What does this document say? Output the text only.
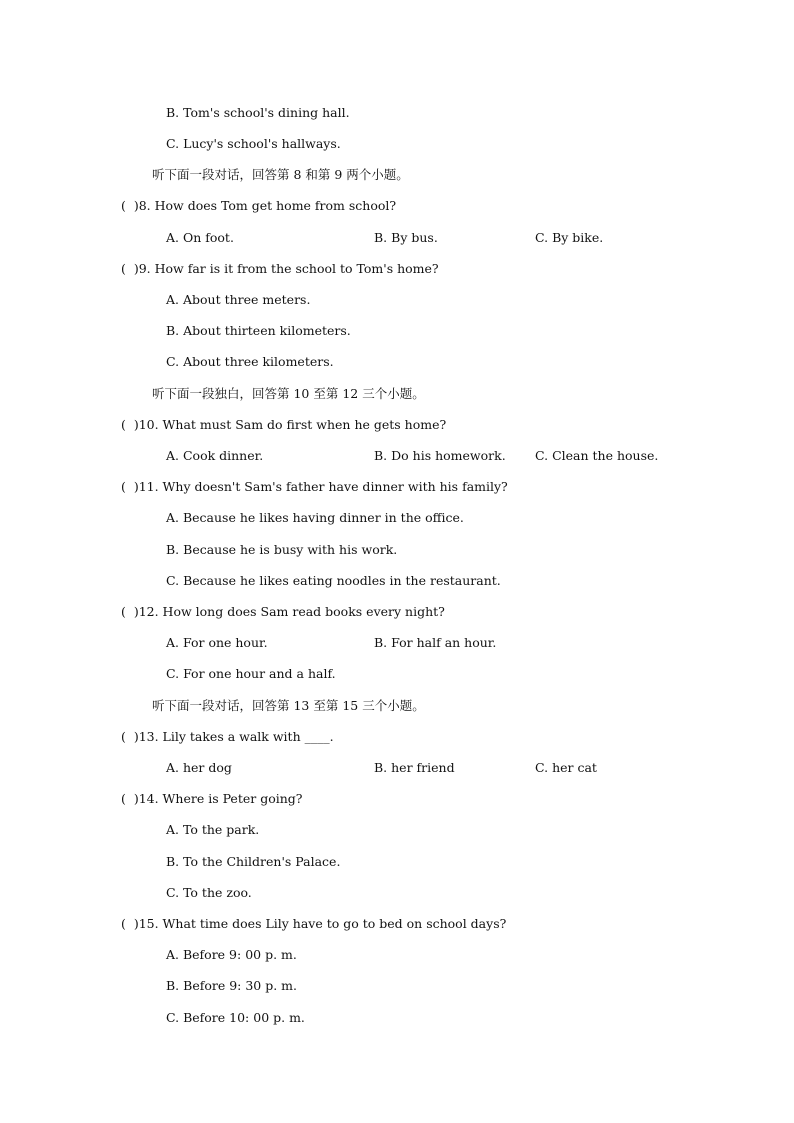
B. Tom's school's dining hall.
C. Lucy's school's hallways.
听下面一段对话，回答第 8 和第 9 两个小题。
(  )8. How does Tom get home from school?
A. On foot.	B. By bus.	C. By bike.
(  )9. How far is it from the school to Tom's home?
A. About three meters.
B. About thirteen kilometers.
C. About three kilometers.
听下面一段独白，回答第 10 至第 12 三个小题。
(  )10. What must Sam do first when he gets home?
A. Cook dinner.	B. Do his homework. C. Clean the house.
(  )11. Why doesn't Sam's father have dinner with his family?
A. Because he likes having dinner in the office.
B. Because he is busy with his work.
C. Because he likes eating noodles in the restaurant.
(  )12. How long does Sam read books every night?
A. For one hour.	B. For half an hour.
C. For one hour and a half.
听下面一段对话，回答第 13 至第 15 三个小题。
(  )13. Lily takes a walk with ____.
A. her dog	B. her friend	C. her cat
(  )14. Where is Peter going?
A. To the park.
B. To the Children's Palace.
C. To the zoo.
(  )15. What time does Lily have to go to bed on school days?
A. Before 9: 00 p. m.
B. Before 9: 30 p. m.
C. Before 10: 00 p. m.
